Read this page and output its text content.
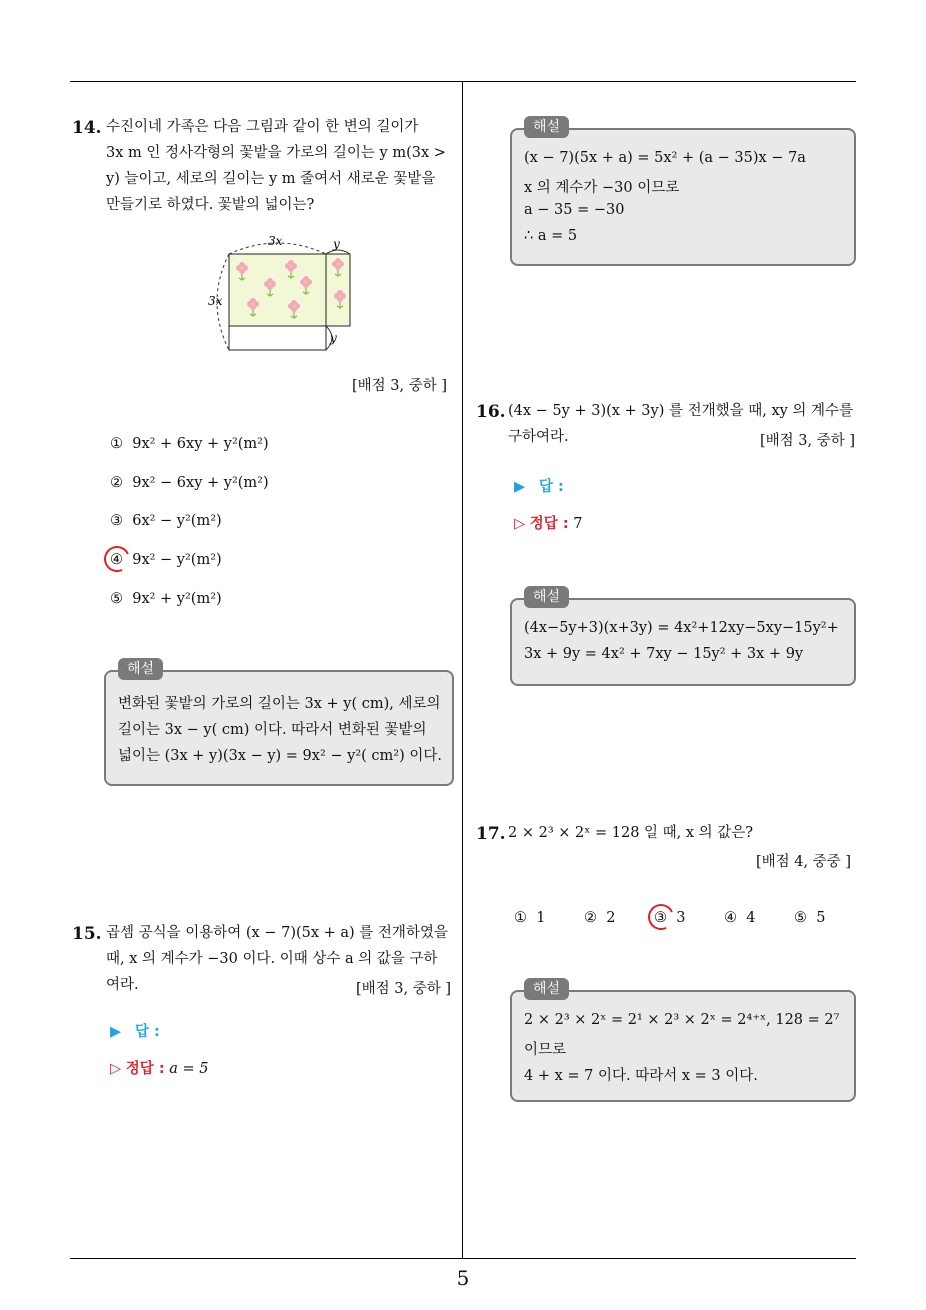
5
14. 수진이네 가족은 다음 그림과 같이 한 변의 길이가
3x m 인 정사각형의 꽃밭을 가로의 길이는 y m(3x >
y) 늘이고, 세로의 길이는 y m 줄여서 새로운 꽃밭을
만들기로 하였다. 꽃밭의 넓이는?
3x
3x
y
y
[배점 3, 중하 ]
① 9x² + 6xy + y²(m²)
② 9x² − 6xy + y²(m²)
③ 6x² − y²(m²)
④ 9x² − y²(m²)
⑤ 9x² + y²(m²)
해설
변화된 꽃밭의 가로의 길이는 3x + y( cm), 세로의
길이는 3x − y( cm) 이다. 따라서 변화된 꽃밭의
넓이는 (3x + y)(3x − y) = 9x² − y²( cm²) 이다.
15. 곱셈 공식을 이용하여 (x − 7)(5x + a) 를 전개하였을
때, x 의 계수가 −30 이다. 이때 상수 a 의 값을 구하
여라.	[배점 3, 중하 ]
▶ 답 :
▷ 정답 : a = 5
해설
(x − 7)(5x + a) = 5x² + (a − 35)x − 7a
x 의 계수가 −30 이므로
a − 35 = −30
∴ a = 5
16. (4x − 5y + 3)(x + 3y) 를 전개했을 때, xy 의 계수를
구하여라.	[배점 3, 중하 ]
▶ 답 :
▷ 정답 : 7
해설
(4x−5y+3)(x+3y) = 4x²+12xy−5xy−15y²+
3x + 9y = 4x² + 7xy − 15y² + 3x + 9y
17. 2 × 2³ × 2ˣ = 128 일 때, x 의 값은?
[배점 4, 중중 ]
① 1	② 2	③ 3	④ 4	⑤ 5
해설
2 × 2³ × 2ˣ = 2¹ × 2³ × 2ˣ = 2⁴⁺ˣ, 128 = 2⁷
이므로
4 + x = 7 이다. 따라서 x = 3 이다.
